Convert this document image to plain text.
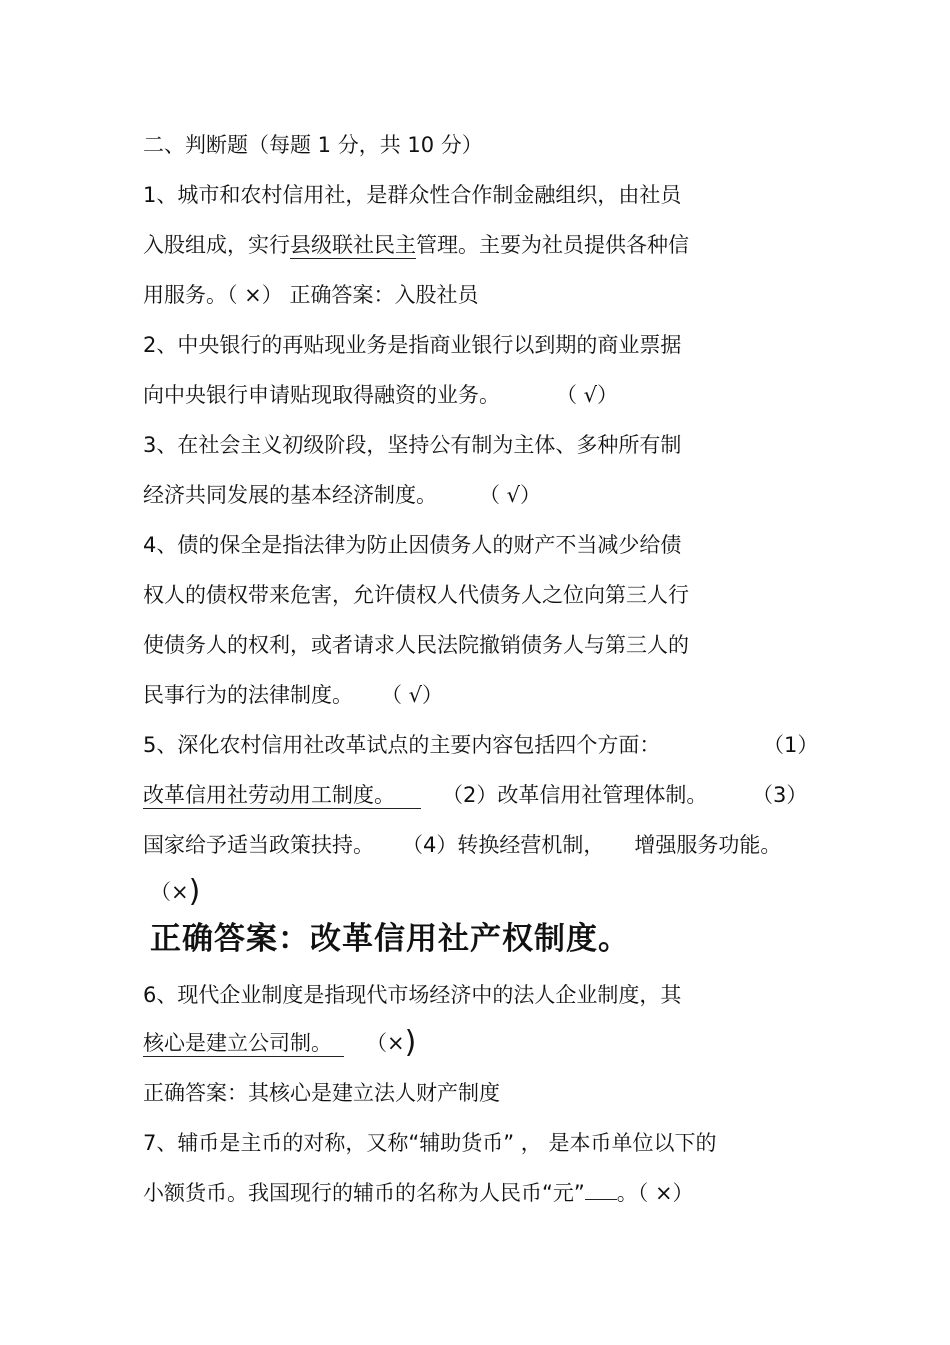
二、判断题（每题 1 分，共 10 分）
1、城市和农村信用社，是群众性合作制金融组织，由社员
入股组成，实行县级联社民主管理。主要为社员提供各种信
用服务。（ ×） 正确答案：入股社员
2、中央银行的再贴现业务是指商业银行以到期的商业票据
向中央银行申请贴现取得融资的业务。	（ √）
3、在社会主义初级阶段，坚持公有制为主体、多种所有制
经济共同发展的基本经济制度。 （ √）
4、债的保全是指法律为防止因债务人的财产不当减少给债
权人的债权带来危害，允许债权人代债务人之位向第三人行
使债务人的权利，或者请求人民法院撤销债务人与第三人的
民事行为的法律制度。 （ √）
5、深化农村信用社改革试点的主要内容包括四个方面：	（1）
改革信用社劳动用工制度。	（2）改革信用社管理体制。 （3）
国家给予适当政策扶持。 （4）转换经营机制， 增强服务功能。
（×)
正确答案：改革信用社产权制度。
6、现代企业制度是指现代市场经济中的法人企业制度，其
核心是建立公司制。 （×)
正确答案：其核心是建立法人财产制度
7、辅币是主币的对称，又称“辅助货币” ， 是本币单位以下的
小额货币。我国现行的辅币的名称为人民币“元” 。（ ×）
